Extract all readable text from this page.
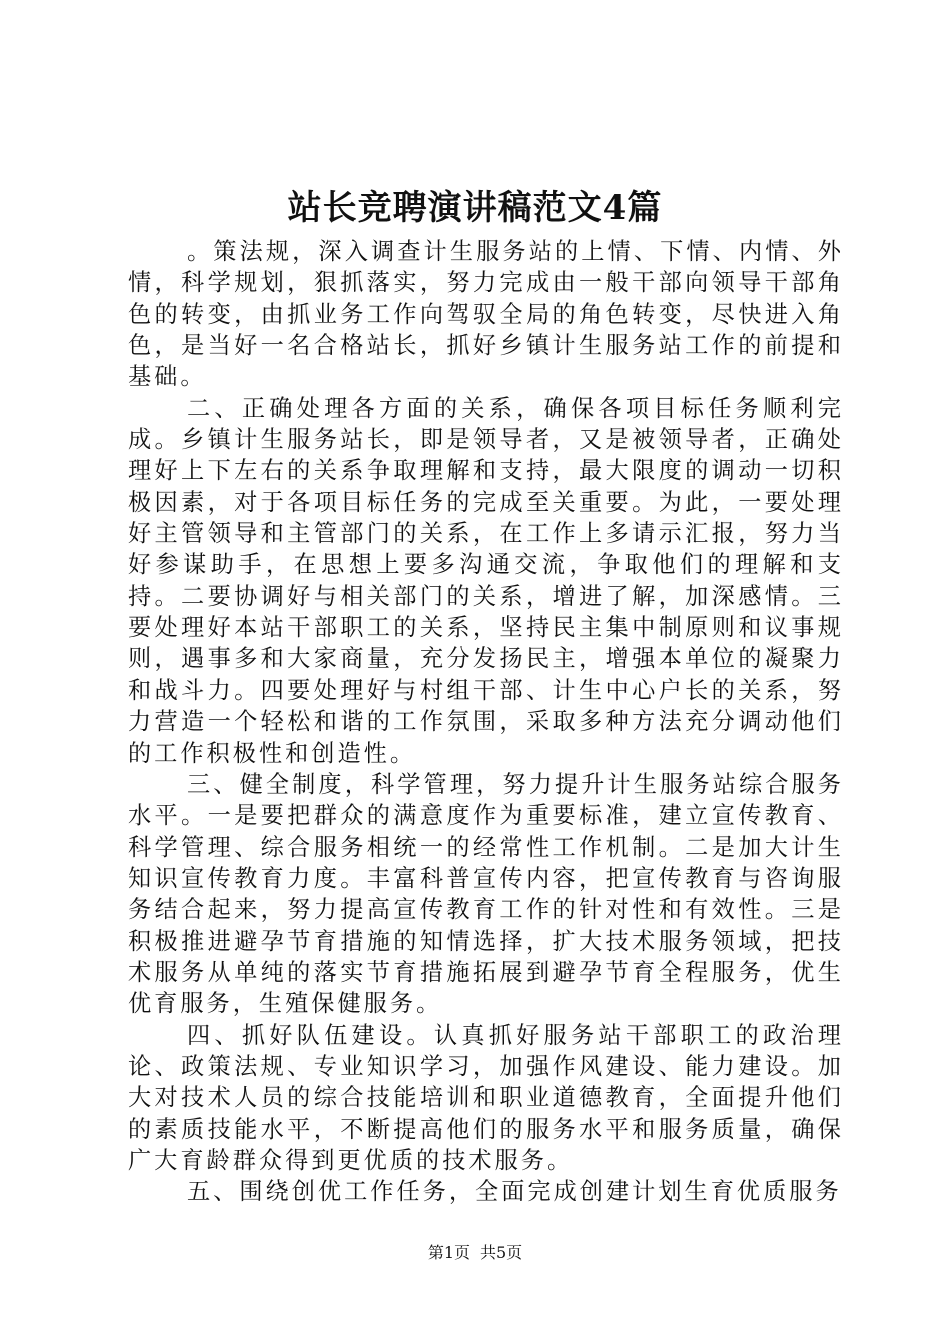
站长竞聘演讲稿范文4篇

。策法规，深入调查计生服务站的上情、下情、内情、外情，科学规划，狠抓落实，努力完成由一般干部向领导干部角色的转变，由抓业务工作向驾驭全局的角色转变，尽快进入角色，是当好一名合格站长，抓好乡镇计生服务站工作的前提和基础。

二、正确处理各方面的关系，确保各项目标任务顺利完成。乡镇计生服务站长，即是领导者，又是被领导者，正确处理好上下左右的关系争取理解和支持，最大限度的调动一切积极因素，对于各项目标任务的完成至关重要。为此，一要处理好主管领导和主管部门的关系，在工作上多请示汇报，努力当好参谋助手，在思想上要多沟通交流，争取他们的理解和支持。二要协调好与相关部门的关系，增进了解，加深感情。三要处理好本站干部职工的关系，坚持民主集中制原则和议事规则，遇事多和大家商量，充分发扬民主，增强本单位的凝聚力和战斗力。四要处理好与村组干部、计生中心户长的关系，努力营造一个轻松和谐的工作氛围，采取多种方法充分调动他们的工作积极性和创造性。

三、健全制度，科学管理，努力提升计生服务站综合服务水平。一是要把群众的满意度作为重要标准，建立宣传教育、科学管理、综合服务相统一的经常性工作机制。二是加大计生知识宣传教育力度。丰富科普宣传内容，把宣传教育与咨询服务结合起来，努力提高宣传教育工作的针对性和有效性。三是积极推进避孕节育措施的知情选择，扩大技术服务领域，把技术服务从单纯的落实节育措施拓展到避孕节育全程服务，优生优育服务，生殖保健服务。

四、抓好队伍建设。认真抓好服务站干部职工的政治理论、政策法规、专业知识学习，加强作风建设、能力建设。加大对技术人员的综合技能培训和职业道德教育，全面提升他们的素质技能水平，不断提高他们的服务水平和服务质量，确保广大育龄群众得到更优质的技术服务。

五、围绕创优工作任务，全面完成创建计划生育优质服务

第1页 共5页
